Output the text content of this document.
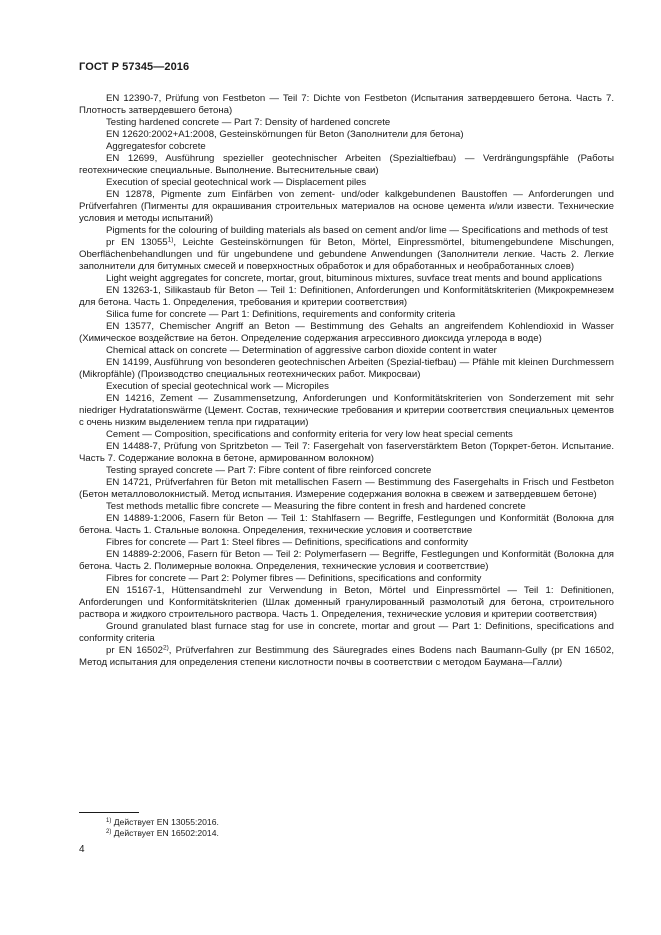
ГОСТ Р 57345—2016

EN 12390-7, Prüfung von Festbeton — Teil 7: Dichte von Festbeton (Испытания затвердевшего бетона. Часть 7. Плотность затвердевшего бетона)

Testing hardened concrete — Part 7: Density of hardened concrete

EN 12620:2002+A1:2008, Gesteinskörnungen für Beton (Заполнители для бетона)

Aggregatesfor cobcrete

EN 12699, Ausführung spezieller geotechnischer Arbeiten (Spezialtiefbau) — Verdrängungspfähle (Работы геотехнические специальные. Выполнение. Вытеснительные сваи)

Execution of special geotechnical work — Displacement piles

EN 12878, Pigmente zum Einfärben von zement- und/oder kalkgebundenen Baustoffen — Anforderungen und Prüfverfahren (Пигменты для окрашивания строительных материалов на основе цемента и/или извести. Технические условия и методы испытаний)

Pigments for the colouring of building materials als based on cement and/or lime — Specifications and methods of test

pr EN 13055$^{1)}$, Leichte Gesteinskörnungen für Beton, Mörtel, Einpressmörtel, bitumengebundene Mischungen, Oberflächenbehandlungen und für ungebundene und gebundene Anwendungen (Заполнители легкие. Часть 2. Легкие заполнители для битумных смесей и поверхностных обработок и для обработанных и необработанных слоев)

Light weight aggregates for concrete, mortar, grout, bituminous mixtures, suvface treat ments and bound applications

EN 13263-1, Silikastaub für Beton — Teil 1: Definitionen, Anforderungen und Konformitätskriterien (Микрокремнезем для бетона. Часть 1. Определения, требования и критерии соответствия)

Silica fume for concrete — Part 1: Definitions, requirements and conformity criteria

EN 13577, Chemischer Angriff an Beton — Bestimmung des Gehalts an angreifendem Kohlendioxid in Wasser (Химическое воздействие на бетон. Определение содержания агрессивного диоксида углерода в воде)

Chemical attack on concrete — Determination of aggressive carbon dioxide content in water

EN 14199, Ausführung von besonderen geotechnischen Arbeiten (Spezial-tiefbau) — Pfähle mit kleinen Durchmessern (Mikropfähle) (Производство специальных геотехнических работ. Микросваи)

Execution of special geotechnical work — Micropiles

EN 14216, Zement — Zusammensetzung, Anforderungen und Konformitätskriterien von Sonderzement mit sehr niedriger Hydratationswärme (Цемент. Состав, технические требования и критерии соответствия специальных цементов с очень низким выделением тепла при гидратации)

Cement — Composition, specifications and conformity eriteria for very low heat special cements

EN 14488-7, Prüfung von Spritzbeton — Teil 7: Fasergehalt von faserverstärktem Beton (Торкрет-бетон. Испытание. Часть 7. Содержание волокна в бетоне, армированном волокном)

Testing sprayed concrete — Part 7: Fibre content of fibre reinforced concrete

EN 14721, Prüfverfahren für Beton mit metallischen Fasern — Bestimmung des Fasergehalts in Frisch und Festbeton (Бетон металловолокнистый. Метод испытания. Измерение содержания волокна в свежем и затвердевшем бетоне)

Test methods metallic fibre concrete — Measuring the fibre content in fresh and hardened concrete

EN 14889-1:2006, Fasern für Beton — Teil 1: Stahlfasern — Begriffe, Festlegungen und Konformität (Волокна для бетона. Часть 1. Стальные волокна. Определения, технические условия и соответствие

Fibres for concrete — Part 1: Steel fibres — Definitions, specifications and conformity

EN 14889-2:2006, Fasern für Beton — Teil 2: Polymerfasern — Begriffe, Festlegungen und Konformität (Волокна для бетона. Часть 2. Полимерные волокна. Определения, технические условия и соответствие)

Fibres for concrete — Part 2: Polymer fibres — Definitions, specifications and conformity

EN 15167-1, Hüttensandmehl zur Verwendung in Beton, Mörtel und Einpressmörtel — Teil 1: Definitionen, Anforderungen und Konformitätskriterien (Шлак доменный гранулированный размолотый для бетона, строительного раствора и жидкого строительного раствора. Часть 1. Определения, технические условия и критерии соответствия)

Ground granulated blast furnace stag for use in concrete, mortar and grout — Part 1: Definitions, specifications and conformity criteria

pr EN 16502$^{2)}$, Prüfverfahren zur Bestimmung des Säuregrades eines Bodens nach Baumann-Gully (pr EN 16502, Метод испытания для определения степени кислотности почвы в соответствии с методом Баумана—Галли)

$^{1)}$ Действует EN 13055:2016.

$^{2)}$ Действует EN 16502:2014.

4
